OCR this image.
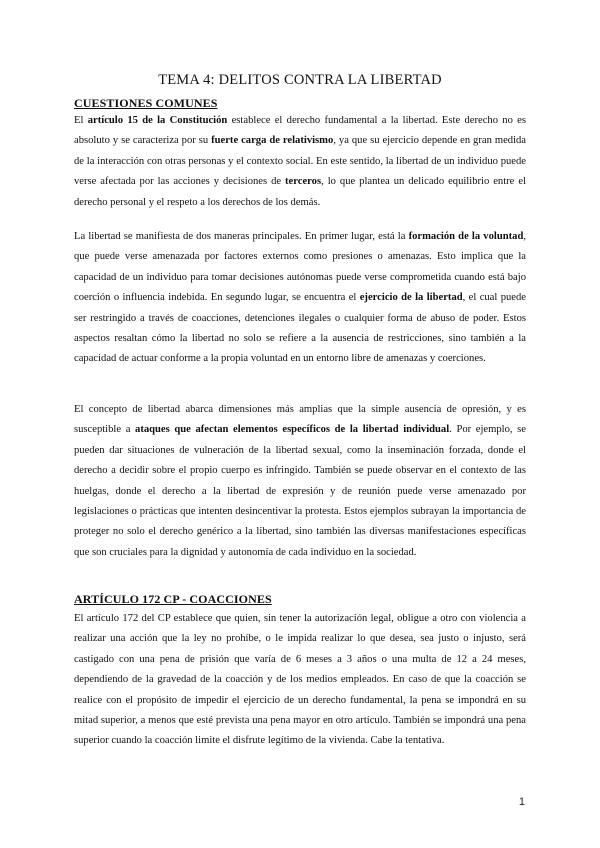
TEMA 4: DELITOS CONTRA LA LIBERTAD
CUESTIONES COMUNES

El artículo 15 de la Constitución establece el derecho fundamental a la libertad. Este derecho no es absoluto y se caracteriza por su fuerte carga de relativismo, ya que su ejercicio depende en gran medida de la interacción con otras personas y el contexto social. En este sentido, la libertad de un individuo puede verse afectada por las acciones y decisiones de terceros, lo que plantea un delicado equilibrio entre el derecho personal y el respeto a los derechos de los demás.

La libertad se manifiesta de dos maneras principales. En primer lugar, está la formación de la voluntad, que puede verse amenazada por factores externos como presiones o amenazas. Esto implica que la capacidad de un individuo para tomar decisiones autónomas puede verse comprometida cuando está bajo coerción o influencia indebida. En segundo lugar, se encuentra el ejercicio de la libertad, el cual puede ser restringido a través de coacciones, detenciones ilegales o cualquier forma de abuso de poder. Estos aspectos resaltan cómo la libertad no solo se refiere a la ausencia de restricciones, sino también a la capacidad de actuar conforme a la propia voluntad en un entorno libre de amenazas y coerciones.

El concepto de libertad abarca dimensiones más amplias que la simple ausencia de opresión, y es susceptible a ataques que afectan elementos específicos de la libertad individual. Por ejemplo, se pueden dar situaciones de vulneración de la libertad sexual, como la inseminación forzada, donde el derecho a decidir sobre el propio cuerpo es infringido. También se puede observar en el contexto de las huelgas, donde el derecho a la libertad de expresión y de reunión puede verse amenazado por legislaciones o prácticas que intenten desincentivar la protesta. Estos ejemplos subrayan la importancia de proteger no solo el derecho genérico a la libertad, sino también las diversas manifestaciones específicas que son cruciales para la dignidad y autonomía de cada individuo en la sociedad.

ARTÍCULO 172 CP - COACCIONES

El artículo 172 del CP establece que quien, sin tener la autorización legal, obligue a otro con violencia a realizar una acción que la ley no prohíbe, o le impida realizar lo que desea, sea justo o injusto, será castigado con una pena de prisión que varía de 6 meses a 3 años o una multa de 12 a 24 meses, dependiendo de la gravedad de la coacción y de los medios empleados. En caso de que la coacción se realice con el propósito de impedir el ejercicio de un derecho fundamental, la pena se impondrá en su mitad superior, a menos que esté prevista una pena mayor en otro artículo. También se impondrá una pena superior cuando la coacción limite el disfrute legítimo de la vivienda. Cabe la tentativa.

1
